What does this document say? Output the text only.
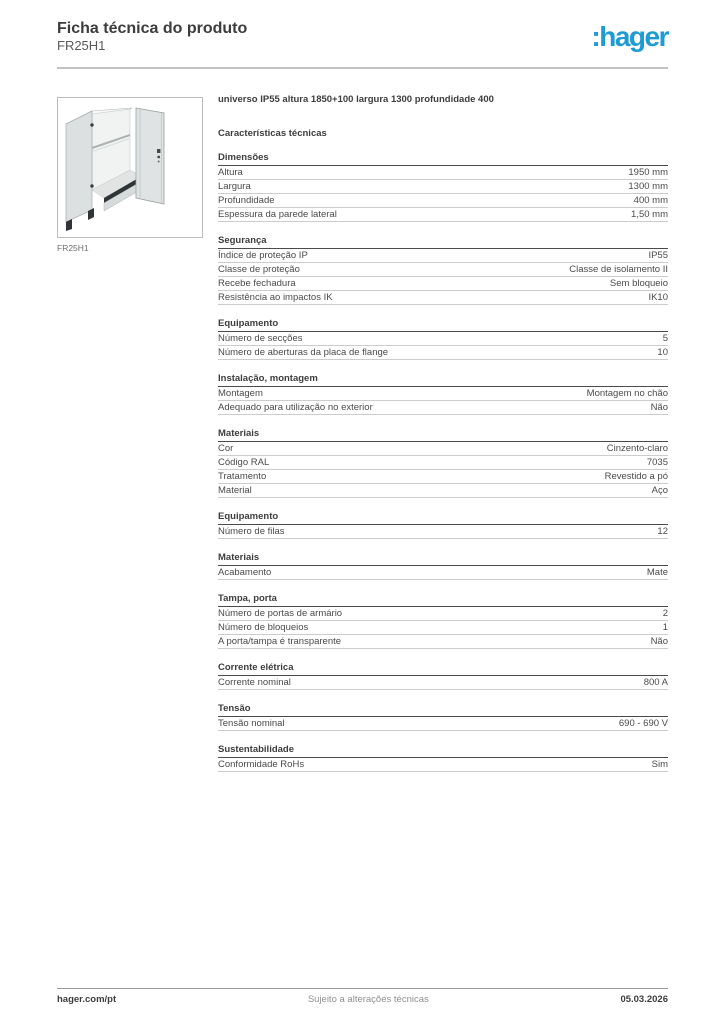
Ficha técnica do produto
FR25H1	:hager
FR25H1
universo IP55 altura 1850+100 largura 1300 profundidade 400
Características técnicas
Dimensões
Altura	1950 mm
Largura	1300 mm
Profundidade	400 mm
Espessura da parede lateral	1,50 mm
Segurança
Índice de proteção IP	IP55
Classe de proteção	Classe de isolamento II
Recebe fechadura	Sem bloqueio
Resistência ao impactos IK	IK10
Equipamento
Número de secções	5
Número de aberturas da placa de flange	10
Instalação, montagem
Montagem	Montagem no chão
Adequado para utilização no exterior	Não
Materiais
Cor	Cinzento-claro
Código RAL	7035
Tratamento	Revestido a pó
Material	Aço
Equipamento
Número de filas	12
Materiais
Acabamento	Mate
Tampa, porta
Número de portas de armário	2
Número de bloqueios	1
A porta/tampa é transparente	Não
Corrente elétrica
Corrente nominal	800 A
Tensão
Tensão nominal	690 - 690 V
Sustentabilidade
Conformidade RoHs	Sim
hager.com/pt	Sujeito a alterações técnicas	05.03.2026
